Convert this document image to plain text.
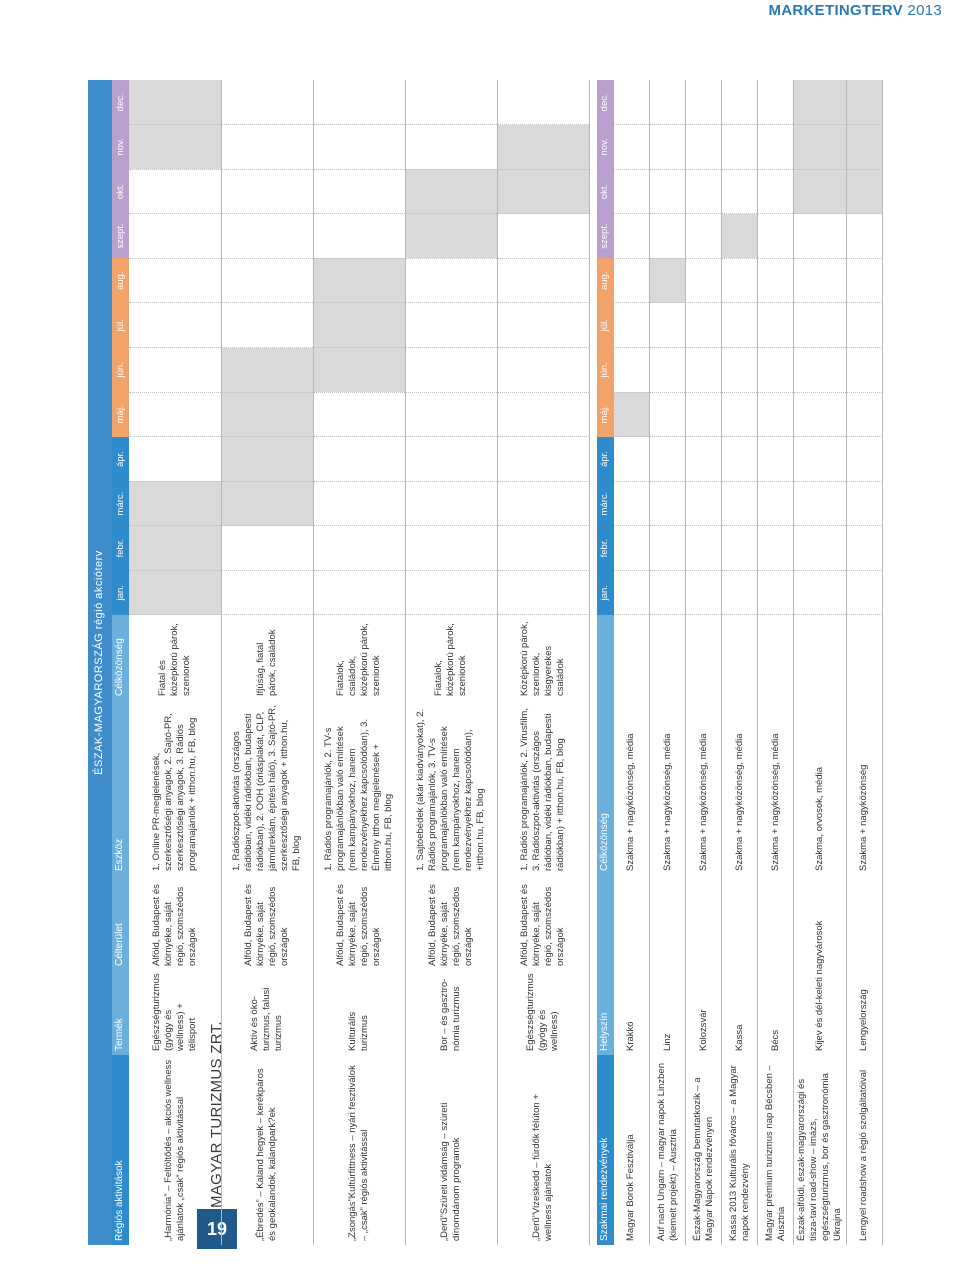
MARKETINGTERV 2013
19
MAGYAR TURIZMUS ZRT.
ÉSZAK-MAGYARORSZÁG régió akcióterv
Régiós aktivitások	Termék	Célterület	Eszköz	Célközönség	jan.	febr.	márc.	ápr.	máj.	jún.	júl.	aug.	szept.	okt.	nov.	dec.
„Harmónia” – Feltöltődés – akciós wellness ajánlatok „csak” régiós aktivitással	Egészségturizmus (gyógy és wellness) + télisport	Alföld, Budapest és környéke, saját régió, szomszédos országok	1. Online PR-megjelenések, szerkesztőségi anyagok, 2. Sajtó-PR, szerkesztőségi anyagok, 3. Rádiós programajánlók + itthon.hu, FB, blog	Fiatal és középkorú párok, szeniorok												
„Ébredés” – Kaland hegyek – kerékpáros és geokalandok, kalandpark?ek	Aktív és öko-turizmus, falusi turizmus	Alföld, Budapest és környéke, saját régió, szomszédos országok	1. Rádiószpot-aktivitás (országos rádióban, vidéki rádiókban, budapesti rádiókban), 2. OOH (óriásplakát, CLP, járműreklám, építési háló), 3. Sajtó-PR, szerkesztőségi anyagok + itthon.hu, FB, blog	Ifjúság, fiatal párok, családok												
„Zsongás”Kultúrfittness – nyári fesztiválok – „csak” régiós aktivitással	Kulturális turizmus	Alföld, Budapest és környéke, saját régió, szomszédos országok	1. Rádiós programajánlók, 2. TV-s programajánlókban való említések (nem kampányokhoz, hanem rendezvényekhez kapcsolódóan), 3. Élmény itthon megjelenések + itthon.hu, FB, blog	Fiatalok, családok, középkorú párok, szeniorok												
„Derű”Szüreti vidámság – szüreti dínomdánom programok	Bor – és gasztro-nómia turizmus	Alföld, Budapest és környéke, saját régió, szomszédos országok	1. Sajtóebédek (akár kiadványokat), 2. Rádiós programajánlók, 3. TV-s programajánlókban való említések (nem kampányokhoz, hanem rendezvényekhez kapcsolódóan), +itthon.hu, FB, blog	Fiatalok, középkorú párok, szeniorok												
„Derű”Vizeskedd – fürdők félúton + wellness ajánlatok	Egészségturizmus (gyógy és wellness)	Alföld, Budapest és környéke, saját régió, szomszédos országok	1. Rádiós programajánlók, 2. Virusfilm, 3. Rádiószpot-aktivitás (országos rádióban, vidéki rádiókban, budapesti rádiókban) + itthon.hu, FB, blog	Középkorú párok, szeniorok, kisgyerekes családok												

Szakmai rendezvények	Helyszín	Célközönség	jan.	febr.	márc.	ápr.	máj.	jún.	júl.	aug.	szept.	okt.	nov.	dec.
Magyar Borok Fesztiválja	Krakkó	Szakma + nagyközönség, média												
Auf nach Ungarn – magyar napok Linzben (kiemelt projekt) – Ausztria	Linz	Szakma + nagyközönség, média												
Észak-Magyarország bemutatkozik – a Magyar Napok rendezvényen	Kolozsvár	Szakma + nagyközönség, média												
Kassa 2013 Kulturális főváros – a Magyar napok rendezvény	Kassa	Szakma + nagyközönség, média												
Magyar prémium turizmus nap Bécsben – Ausztria	Bécs	Szakma + nagyközönség, média												
Észak-alföldi, észak-magyarországi és tisza-tavi road-show – imázs, egészségturizmus, bor és gasztronómia Ukrajna	Kijev és dél-keleti nagyvárosok	Szakma, orvosok, média												
Lengyel roadshow a régió szolgáltatóival	Lengyelország	Szakma + nagyközönség												
